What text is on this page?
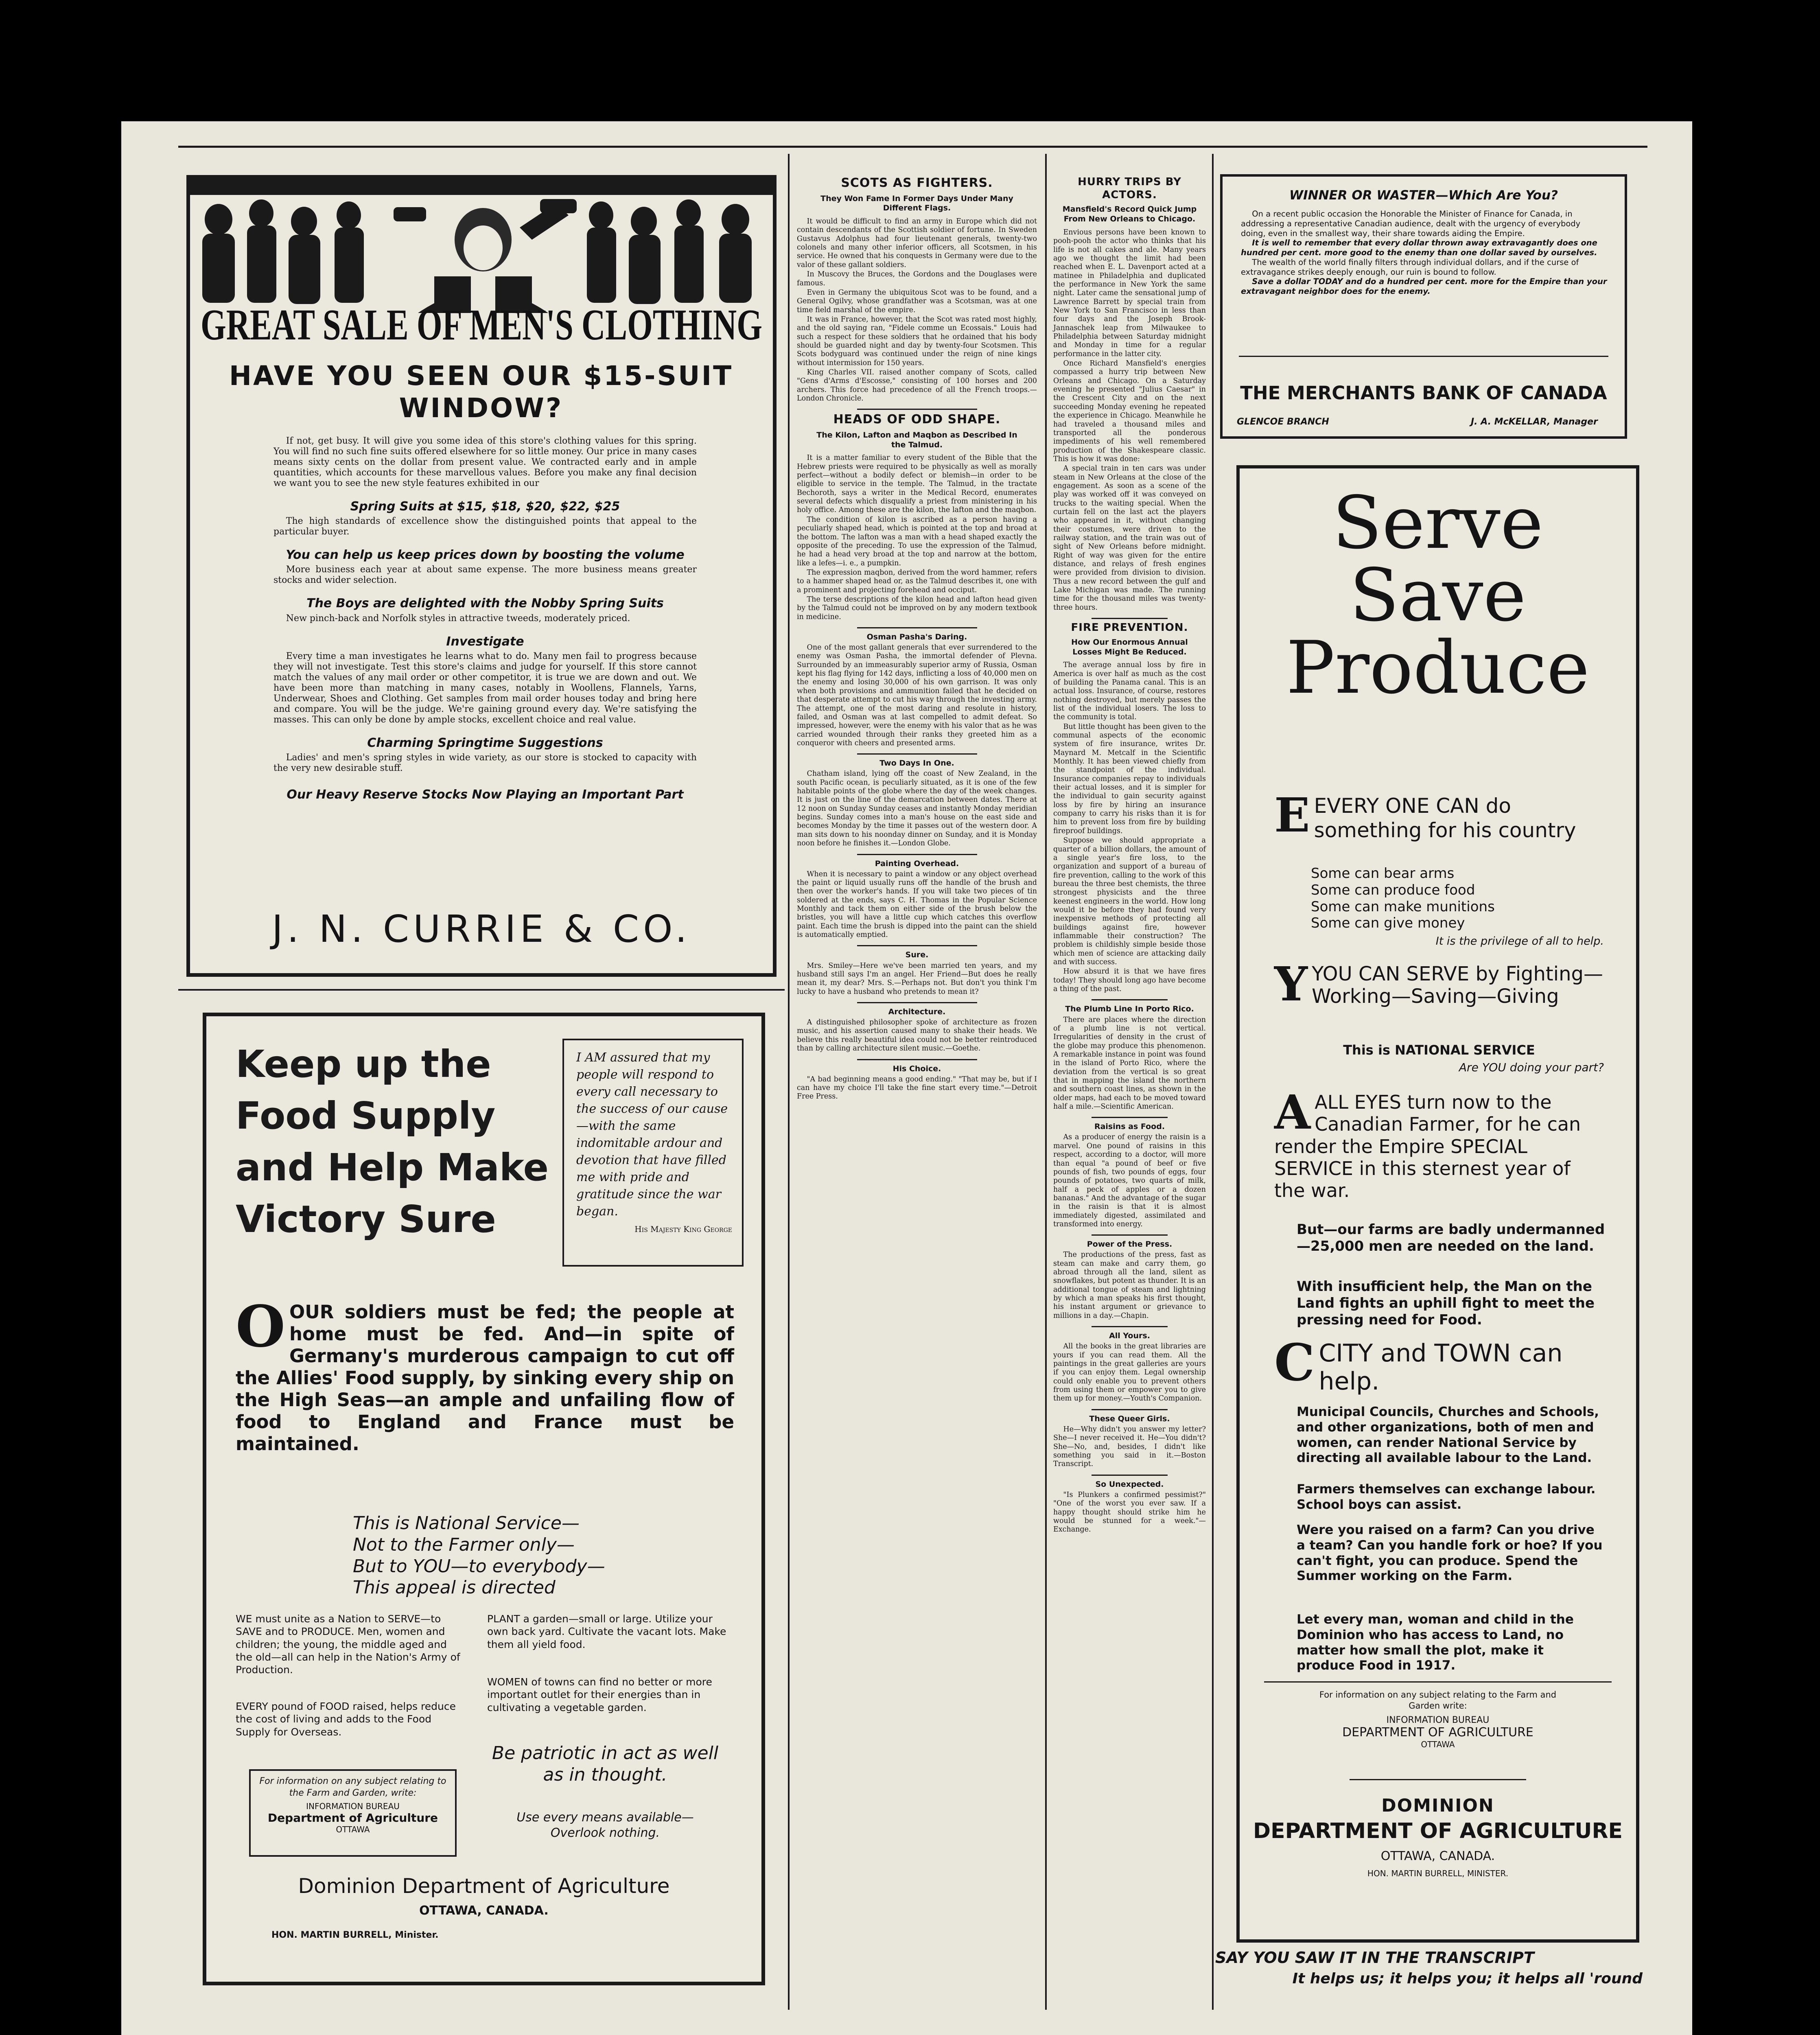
GREAT SALE OF MEN'S CLOTHING
HAVE YOU SEEN OUR $15-SUIT WINDOW?

If not, get busy. It will give you some idea of this store's clothing values for this spring. You will find no such fine suits offered elsewhere for so little money. Our price in many cases means sixty cents on the dollar from present value. We contracted early and in ample quantities, which accounts for these marvellous values. Before you make any final decision we want you to see the new style features exhibited in our

Spring Suits at $15, $18, $20, $22, $25

The high standards of excellence show the distinguished points that appeal to the particular buyer.

You can help us keep prices down by boosting the volume

More business each year at about same expense. The more business means greater stocks and wider selection.

The Boys are delighted with the Nobby Spring Suits

New pinch-back and Norfolk styles in attractive tweeds, moderately priced.

Investigate

Every time a man investigates he learns what to do. Many men fail to progress because they will not investigate. Test this store's claims and judge for yourself. If this store cannot match the values of any mail order or other competitor, it is true we are down and out. We have been more than matching in many cases, notably in Woollens, Flannels, Yarns, Underwear, Shoes and Clothing. Get samples from mail order houses today and bring here and compare. You will be the judge. We're gaining ground every day. We're satisfying the masses. This can only be done by ample stocks, excellent choice and real value.

Charming Springtime Suggestions

Ladies' and men's spring styles in wide variety, as our store is stocked to capacity with the very new desirable stuff.

Our Heavy Reserve Stocks Now Playing an Important Part

J. N. CURRIE & CO.
Keep up the Food Supply and Help Make Victory Sure
I AM assured that my people will respond to every call necessary to the success of our cause—with the same indomitable ardour and devotion that have filled me with pride and gratitude since the war began.
His Majesty King George
OOUR soldiers must be fed; the people at home must be fed. And—in spite of Germany's murderous campaign to cut off the Allies' Food supply, by sinking every ship on the High Seas—an ample and unfailing flow of food to England and France must be maintained.
This is National Service—
Not to the Farmer only—
But to YOU—to everybody—
This appeal is directed
WE must unite as a Nation to SERVE—to SAVE and to PRODUCE. Men, women and children; the young, the middle aged and the old—all can help in the Nation's Army of Production.
EVERY pound of FOOD raised, helps reduce the cost of living and adds to the Food Supply for Overseas.
PLANT a garden—small or large. Utilize your own back yard. Cultivate the vacant lots. Make them all yield food.
WOMEN of towns can find no better or more important outlet for their energies than in cultivating a vegetable garden.
Be patriotic in act as well as in thought.
Use every means available—Overlook nothing.
For information on any subject relating to the Farm and Garden, write:
INFORMATION BUREAU
Department of Agriculture
OTTAWA
Dominion Department of Agriculture
OTTAWA, CANADA.
HON. MARTIN BURRELL, Minister.
SCOTS AS FIGHTERS.
They Won Fame In Former Days Under Many Different Flags.

It would be difficult to find an army in Europe which did not contain descendants of the Scottish soldier of fortune. In Sweden Gustavus Adolphus had four lieutenant generals, twenty-two colonels and many other inferior officers, all Scotsmen, in his service. He owned that his conquests in Germany were due to the valor of these gallant soldiers.

In Muscovy the Bruces, the Gordons and the Douglases were famous.

Even in Germany the ubiquitous Scot was to be found, and a General Ogilvy, whose grandfather was a Scotsman, was at one time field marshal of the empire.

It was in France, however, that the Scot was rated most highly, and the old saying ran, "Fidele comme un Ecossais." Louis had such a respect for these soldiers that he ordained that his body should be guarded night and day by twenty-four Scotsmen. This Scots bodyguard was continued under the reign of nine kings without intermission for 150 years.

King Charles VII. raised another company of Scots, called "Gens d'Arms d'Escosse," consisting of 100 horses and 200 archers. This force had precedence of all the French troops.—London Chronicle.

HEADS OF ODD SHAPE.
The Kilon, Lafton and Maqbon as Described In the Talmud.

It is a matter familiar to every student of the Bible that the Hebrew priests were required to be physically as well as morally perfect—without a bodily defect or blemish—in order to be eligible to service in the temple. The Talmud, in the tractate Bechoroth, says a writer in the Medical Record, enumerates several defects which disqualify a priest from ministering in his holy office. Among these are the kilon, the lafton and the maqbon.

The condition of kilon is ascribed as a person having a peculiarly shaped head, which is pointed at the top and broad at the bottom. The lafton was a man with a head shaped exactly the opposite of the preceding. To use the expression of the Talmud, he had a head very broad at the top and narrow at the bottom, like a lefes—i. e., a pumpkin.

The expression maqbon, derived from the word hammer, refers to a hammer shaped head or, as the Talmud describes it, one with a prominent and projecting forehead and occiput.

The terse descriptions of the kilon head and lafton head given by the Talmud could not be improved on by any modern textbook in medicine.

Osman Pasha's Daring.

One of the most gallant generals that ever surrendered to the enemy was Osman Pasha, the immortal defender of Plevna. Surrounded by an immeasurably superior army of Russia, Osman kept his flag flying for 142 days, inflicting a loss of 40,000 men on the enemy and losing 30,000 of his own garrison. It was only when both provisions and ammunition failed that he decided on that desperate attempt to cut his way through the investing army. The attempt, one of the most daring and resolute in history, failed, and Osman was at last compelled to admit defeat. So impressed, however, were the enemy with his valor that as he was carried wounded through their ranks they greeted him as a conqueror with cheers and presented arms.

Two Days In One.

Chatham island, lying off the coast of New Zealand, in the south Pacific ocean, is peculiarly situated, as it is one of the few habitable points of the globe where the day of the week changes. It is just on the line of the demarcation between dates. There at 12 noon on Sunday Sunday ceases and instantly Monday meridian begins. Sunday comes into a man's house on the east side and becomes Monday by the time it passes out of the western door. A man sits down to his noonday dinner on Sunday, and it is Monday noon before he finishes it.—London Globe.

Painting Overhead.

When it is necessary to paint a window or any object overhead the paint or liquid usually runs off the handle of the brush and then over the worker's hands. If you will take two pieces of tin soldered at the ends, says C. H. Thomas in the Popular Science Monthly and tack them on either side of the brush below the bristles, you will have a little cup which catches this overflow paint. Each time the brush is dipped into the paint can the shield is automatically emptied.

Sure.

Mrs. Smiley—Here we've been married ten years, and my husband still says I'm an angel. Her Friend—But does he really mean it, my dear? Mrs. S.—Perhaps not. But don't you think I'm lucky to have a husband who pretends to mean it?

Architecture.

A distinguished philosopher spoke of architecture as frozen music, and his assertion caused many to shake their heads. We believe this really beautiful idea could not be better reintroduced than by calling architecture silent music.—Goethe.

His Choice.

"A bad beginning means a good ending." "That may be, but if I can have my choice I'll take the fine start every time."—Detroit Free Press.

HURRY TRIPS BY ACTORS.
Mansfield's Record Quick Jump From New Orleans to Chicago.

Envious persons have been known to pooh-pooh the actor who thinks that his life is not all cakes and ale. Many years ago we thought the limit had been reached when E. L. Davenport acted at a matinee in Philadelphia and duplicated the performance in New York the same night. Later came the sensational jump of Lawrence Barrett by special train from New York to San Francisco in less than four days and the Joseph Brook-Jannaschek leap from Milwaukee to Philadelphia between Saturday midnight and Monday in time for a regular performance in the latter city.

Once Richard Mansfield's energies compassed a hurry trip between New Orleans and Chicago. On a Saturday evening he presented "Julius Caesar" in the Crescent City and on the next succeeding Monday evening he repeated the experience in Chicago. Meanwhile he had traveled a thousand miles and transported all the ponderous impediments of his well remembered production of the Shakespeare classic. This is how it was done:

A special train in ten cars was under steam in New Orleans at the close of the engagement. As soon as a scene of the play was worked off it was conveyed on trucks to the waiting special. When the curtain fell on the last act the players who appeared in it, without changing their costumes, were driven to the railway station, and the train was out of sight of New Orleans before midnight. Right of way was given for the entire distance, and relays of fresh engines were provided from division to division. Thus a new record between the gulf and Lake Michigan was made. The running time for the thousand miles was twenty-three hours.

FIRE PREVENTION.
How Our Enormous Annual Losses Might Be Reduced.

The average annual loss by fire in America is over half as much as the cost of building the Panama canal. This is an actual loss. Insurance, of course, restores nothing destroyed, but merely passes the list of the individual losers. The loss to the community is total.

But little thought has been given to the communal aspects of the economic system of fire insurance, writes Dr. Maynard M. Metcalf in the Scientific Monthly. It has been viewed chiefly from the standpoint of the individual. Insurance companies repay to individuals their actual losses, and it is simpler for the individual to gain security against loss by fire by hiring an insurance company to carry his risks than it is for him to prevent loss from fire by building fireproof buildings.

Suppose we should appropriate a quarter of a billion dollars, the amount of a single year's fire loss, to the organization and support of a bureau of fire prevention, calling to the work of this bureau the three best chemists, the three strongest physicists and the three keenest engineers in the world. How long would it be before they had found very inexpensive methods of protecting all buildings against fire, however inflammable their construction? The problem is childishly simple beside those which men of science are attacking daily and with success.

How absurd it is that we have fires today! They should long ago have become a thing of the past.

The Plumb Line In Porto Rico.

There are places where the direction of a plumb line is not vertical. Irregularities of density in the crust of the globe may produce this phenomenon. A remarkable instance in point was found in the island of Porto Rico, where the deviation from the vertical is so great that in mapping the island the northern and southern coast lines, as shown in the older maps, had each to be moved toward half a mile.—Scientific American.

Raisins as Food.

As a producer of energy the raisin is a marvel. One pound of raisins in this respect, according to a doctor, will more than equal "a pound of beef or five pounds of fish, two pounds of eggs, four pounds of potatoes, two quarts of milk, half a peck of apples or a dozen bananas." And the advantage of the sugar in the raisin is that it is almost immediately digested, assimilated and transformed into energy.

Power of the Press.

The productions of the press, fast as steam can make and carry them, go abroad through all the land, silent as snowflakes, but potent as thunder. It is an additional tongue of steam and lightning by which a man speaks his first thought, his instant argument or grievance to millions in a day.—Chapin.

All Yours.

All the books in the great libraries are yours if you can read them. All the paintings in the great galleries are yours if you can enjoy them. Legal ownership could only enable you to prevent others from using them or empower you to give them up for money.—Youth's Companion.

These Queer Girls.

He—Why didn't you answer my letter? She—I never received it. He—You didn't? She—No, and, besides, I didn't like something you said in it.—Boston Transcript.

So Unexpected.

"Is Plunkers a confirmed pessimist?" "One of the worst you ever saw. If a happy thought should strike him he would be stunned for a week."—Exchange.

WINNER OR WASTER—Which Are You?

On a recent public occasion the Honorable the Minister of Finance for Canada, in addressing a representative Canadian audience, dealt with the urgency of everybody doing, even in the smallest way, their share towards aiding the Empire.

It is well to remember that every dollar thrown away extravagantly does one hundred per cent. more good to the enemy than one dollar saved by ourselves.

The wealth of the world finally filters through individual dollars, and if the curse of extravagance strikes deeply enough, our ruin is bound to follow.

Save a dollar TODAY and do a hundred per cent. more for the Empire than your extravagant neighbor does for the enemy.

THE MERCHANTS BANK OF CANADA
GLENCOE BRANCH	J. A. McKELLAR, Manager
Serve
Save
Produce
EEVERY ONE CAN do something for his country
Some can bear arms
Some can produce food
Some can make munitions
Some can give money
It is the privilege of all to help.
YYOU CAN SERVE by Fighting—Working—Saving—Giving
This is NATIONAL SERVICE
Are YOU doing your part?
AALL EYES turn now to the Canadian Farmer, for he can render the Empire SPECIAL SERVICE in this sternest year of the war.
But—our farms are badly undermanned—25,000 men are needed on the land.
With insufficient help, the Man on the Land fights an uphill fight to meet the pressing need for Food.
CCITY and TOWN can help.
Municipal Councils, Churches and Schools, and other organizations, both of men and women, can render National Service by directing all available labour to the Land.
Farmers themselves can exchange labour. School boys can assist.
Were you raised on a farm? Can you drive a team? Can you handle fork or hoe? If you can't fight, you can produce. Spend the Summer working on the Farm.
Let every man, woman and child in the Dominion who has access to Land, no matter how small the plot, make it produce Food in 1917.
For information on any subject relating to the Farm and Garden write:
INFORMATION BUREAU
DEPARTMENT OF AGRICULTURE
OTTAWA
DOMINION
DEPARTMENT OF AGRICULTURE
OTTAWA, CANADA.
HON. MARTIN BURRELL, MINISTER.
SAY YOU SAW IT IN THE TRANSCRIPT
It helps us; it helps you; it helps all 'round
